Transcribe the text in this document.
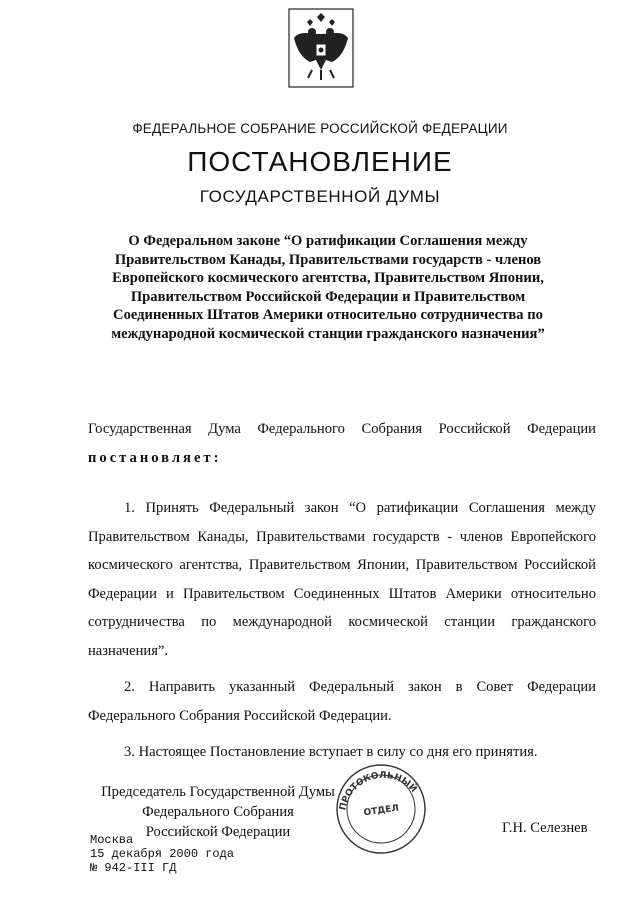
ФЕДЕРАЛЬНОЕ СОБРАНИЕ РОССИЙСКОЙ ФЕДЕРАЦИИ
ПОСТАНОВЛЕНИЕ
ГОСУДАРСТВЕННОЙ ДУМЫ
О Федеральном законе “О ратификации Соглашения между Правительством Канады, Правительствами государств - членов Европейского космического агентства, Правительством Японии, Правительством Российской Федерации и Правительством Соединенных Штатов Америки относительно сотрудничества по международной космической станции гражданского назначения”
Государственная Дума Федерального Собрания Российской Федерации постановляет:

1. Принять Федеральный закон “О ратификации Соглашения между Правительством Канады, Правительствами государств - членов Европейского космического агентства, Правительством Японии, Правительством Российской Федерации и Правительством Соединенных Штатов Америки относительно сотрудничества по международной космической станции гражданского назначения”.

2. Направить указанный Федеральный закон в Совет Федерации Федерального Собрания Российской Федерации.

3. Настоящее Постановление вступает в силу со дня его принятия.

Председатель Государственной Думы
Федерального Собрания
Российской Федерации
ПРОТОКОЛЬНЫЙ
ОТДЕЛ
Г.Н. Селезнев
Москва
15 декабря 2000 года
№ 942-III ГД
